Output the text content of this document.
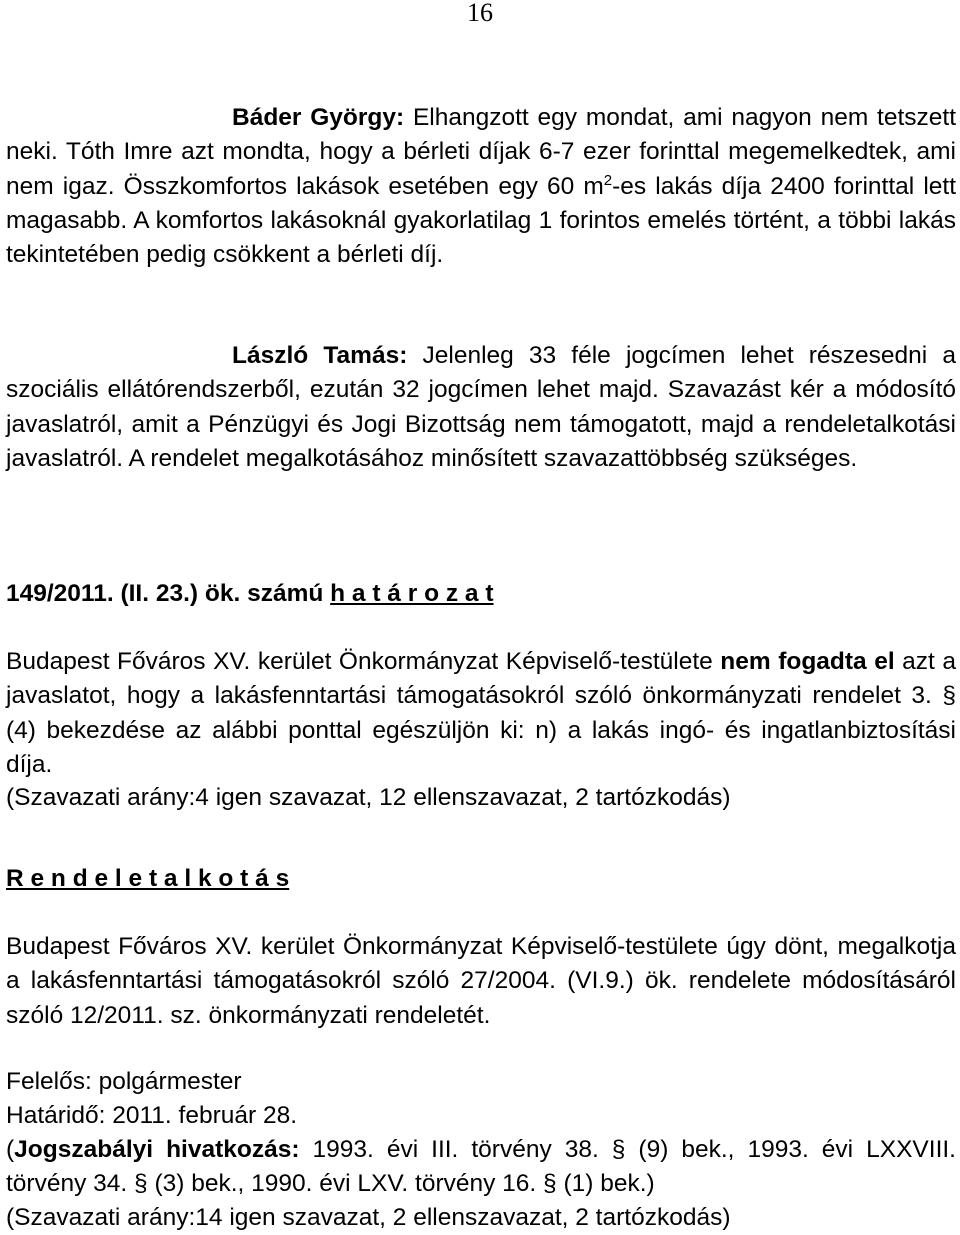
16
Báder György: Elhangzott egy mondat, ami nagyon nem tetszett neki. Tóth Imre azt mondta, hogy a bérleti díjak 6-7 ezer forinttal megemelkedtek, ami nem igaz. Összkomfortos lakások esetében egy 60 $m^2-es$ lakás díja 2400 forinttal lett magasabb. A komfortos lakásoknál gyakorlatilag 1 forintos emelés történt, a többi lakás tekintetében pedig csökkent a bérleti díj.
László Tamás: Jelenleg 33 féle jogcímen lehet részesedni a szociális ellátórendszerből, ezután 32 jogcímen lehet majd. Szavazást kér a módosító javaslatról, amit a Pénzügyi és Jogi Bizottság nem támogatott, majd a rendeletalkotási javaslatról. A rendelet megalkotásához minősített szavazattöbbség szükséges.
149/2011. (II. 23.) ök. számú h a t á r o z a t
Budapest Főváros XV. kerület Önkormányzat Képviselő-testülete nem fogadta el azt a javaslatot, hogy a lakásfenntartási támogatásokról szóló önkormányzati rendelet 3. § (4) bekezdése az alábbi ponttal egészüljön ki: n) a lakás ingó- és ingatlanbiztosítási díja.
(Szavazati arány:4 igen szavazat, 12 ellenszavazat, 2 tartózkodás)
R e n d e l e t a l k o t á s
Budapest Főváros XV. kerület Önkormányzat Képviselő-testülete úgy dönt, megalkotja a lakásfenntartási támogatásokról szóló 27/2004. (VI.9.) ök. rendelete módosításáról szóló 12/2011. sz. önkormányzati rendeletét.
Felelős: polgármester
Határidő: 2011. február 28.
(Jogszabályi hivatkozás: 1993. évi III. törvény 38. § (9) bek., 1993. évi LXXVIII. törvény 34. § (3) bek., 1990. évi LXV. törvény 16. § (1) bek.)
(Szavazati arány:14 igen szavazat, 2 ellenszavazat, 2 tartózkodás)
